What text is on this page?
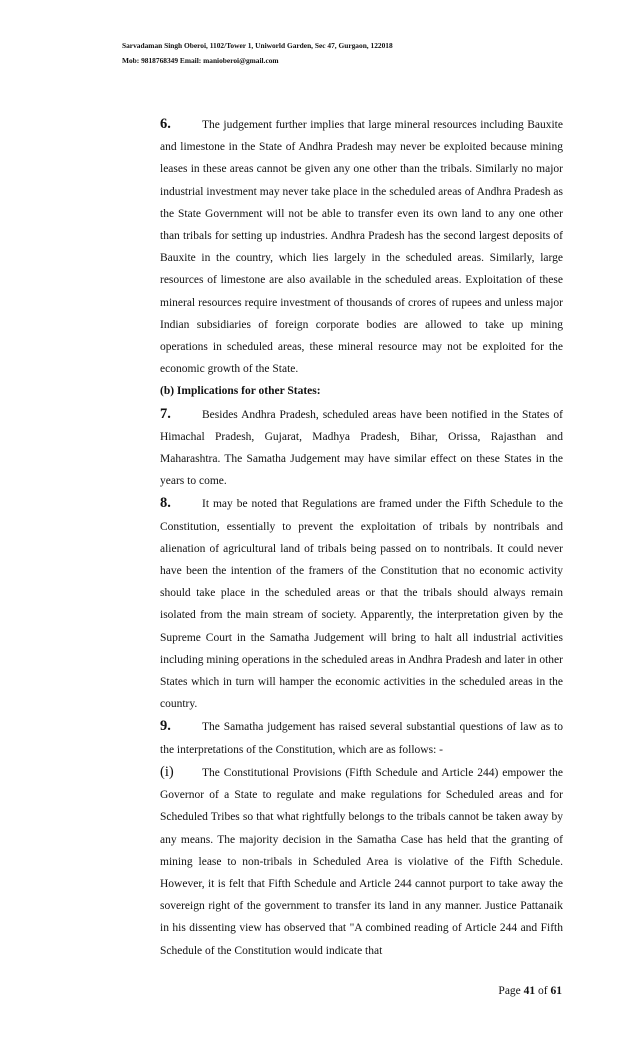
Sarvadaman Singh Oberoi, 1102/Tower 1, Uniworld Garden, Sec 47, Gurgaon, 122018
Mob: 9818768349 Email: manioberoi@gmail.com

6.	The judgement further implies that large mineral resources including Bauxite and limestone in the State of Andhra Pradesh may never be exploited because mining leases in these areas cannot be given any one other than the tribals. Similarly no major industrial investment may never take place in the scheduled areas of Andhra Pradesh as the State Government will not be able to transfer even its own land to any one other than tribals for setting up industries. Andhra Pradesh has the second largest deposits of Bauxite in the country, which lies largely in the scheduled areas. Similarly, large resources of limestone are also available in the scheduled areas. Exploitation of these mineral resources require investment of thousands of crores of rupees and unless major Indian subsidiaries of foreign corporate bodies are allowed to take up mining operations in scheduled areas, these mineral resource may not be exploited for the economic growth of the State.

(b) Implications for other States:

7.	Besides Andhra Pradesh, scheduled areas have been notified in the States of Himachal Pradesh, Gujarat, Madhya Pradesh, Bihar, Orissa, Rajasthan and Maharashtra. The Samatha Judgement may have similar effect on these States in the years to come.

8.	It may be noted that Regulations are framed under the Fifth Schedule to the Constitution, essentially to prevent the exploitation of tribals by nontribals and alienation of agricultural land of tribals being passed on to nontribals. It could never have been the intention of the framers of the Constitution that no economic activity should take place in the scheduled areas or that the tribals should always remain isolated from the main stream of society. Apparently, the interpretation given by the Supreme Court in the Samatha Judgement will bring to halt all industrial activities including mining operations in the scheduled areas in Andhra Pradesh and later in other States which in turn will hamper the economic activities in the scheduled areas in the country.

9.	The Samatha judgement has raised several substantial questions of law as to the interpretations of the Constitution, which are as follows: -

(i) The Constitutional Provisions (Fifth Schedule and Article 244) empower the Governor of a State to regulate and make regulations for Scheduled areas and for Scheduled Tribes so that what rightfully belongs to the tribals cannot be taken away by any means. The majority decision in the Samatha Case has held that the granting of mining lease to non-tribals in Scheduled Area is violative of the Fifth Schedule. However, it is felt that Fifth Schedule and Article 244 cannot purport to take away the sovereign right of the government to transfer its land in any manner. Justice Pattanaik in his dissenting view has observed that "A combined reading of Article 244 and Fifth Schedule of the Constitution would indicate that

Page 41 of 61
